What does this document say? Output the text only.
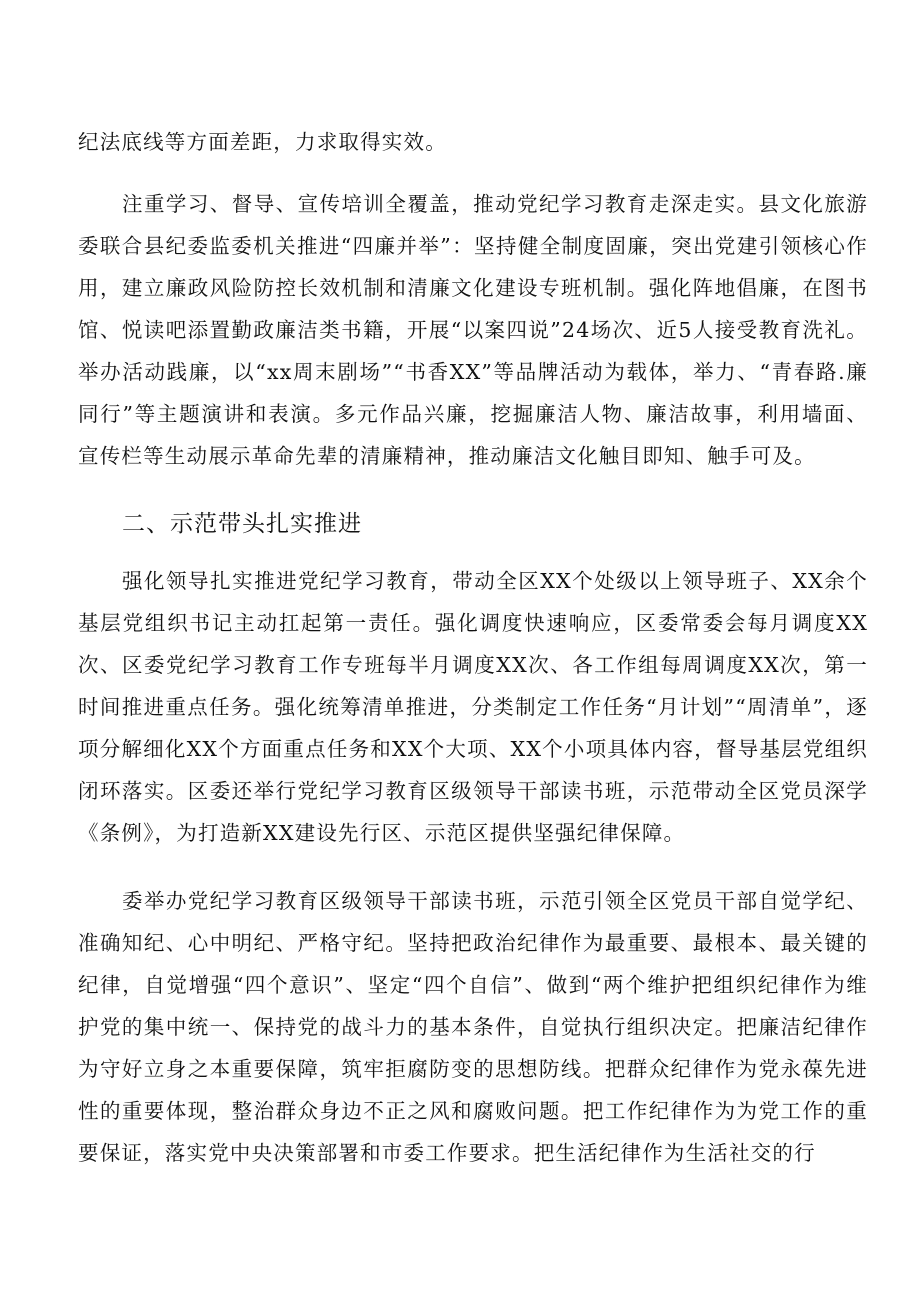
纪法底线等方面差距，力求取得实效。

注重学习、督导、宣传培训全覆盖，推动党纪学习教育走深走实。县文化旅游委联合县纪委监委机关推进“四廉并举”：坚持健全制度固廉，突出党建引领核心作用，建立廉政风险防控长效机制和清廉文化建设专班机制。强化阵地倡廉，在图书馆、悦读吧添置勤政廉洁类书籍，开展“以案四说”24场次、近5人接受教育洗礼。举办活动践廉，以“xx周末剧场”“书香XX”等品牌活动为载体，举力、“青春路.廉同行”等主题演讲和表演。多元作品兴廉，挖掘廉洁人物、廉洁故事，利用墙面、宣传栏等生动展示革命先辈的清廉精神，推动廉洁文化触目即知、触手可及。

二、示范带头扎实推进

强化领导扎实推进党纪学习教育，带动全区XX个处级以上领导班子、XX余个基层党组织书记主动扛起第一责任。强化调度快速响应，区委常委会每月调度XX次、区委党纪学习教育工作专班每半月调度XX次、各工作组每周调度XX次，第一时间推进重点任务。强化统筹清单推进，分类制定工作任务“月计划”“周清单”，逐项分解细化XX个方面重点任务和XX个大项、XX个小项具体内容，督导基层党组织闭环落实。区委还举行党纪学习教育区级领导干部读书班，示范带动全区党员深学《条例》，为打造新XX建设先行区、示范区提供坚强纪律保障。

委举办党纪学习教育区级领导干部读书班，示范引领全区党员干部自觉学纪、准确知纪、心中明纪、严格守纪。坚持把政治纪律作为最重要、最根本、最关键的纪律，自觉增强“四个意识”、坚定“四个自信”、做到“两个维护把组织纪律作为维护党的集中统一、保持党的战斗力的基本条件，自觉执行组织决定。把廉洁纪律作为守好立身之本重要保障，筑牢拒腐防变的思想防线。把群众纪律作为党永葆先进性的重要体现，整治群众身边不正之风和腐败问题。把工作纪律作为为党工作的重要保证，落实党中央决策部署和市委工作要求。把生活纪律作为生活社交的行
